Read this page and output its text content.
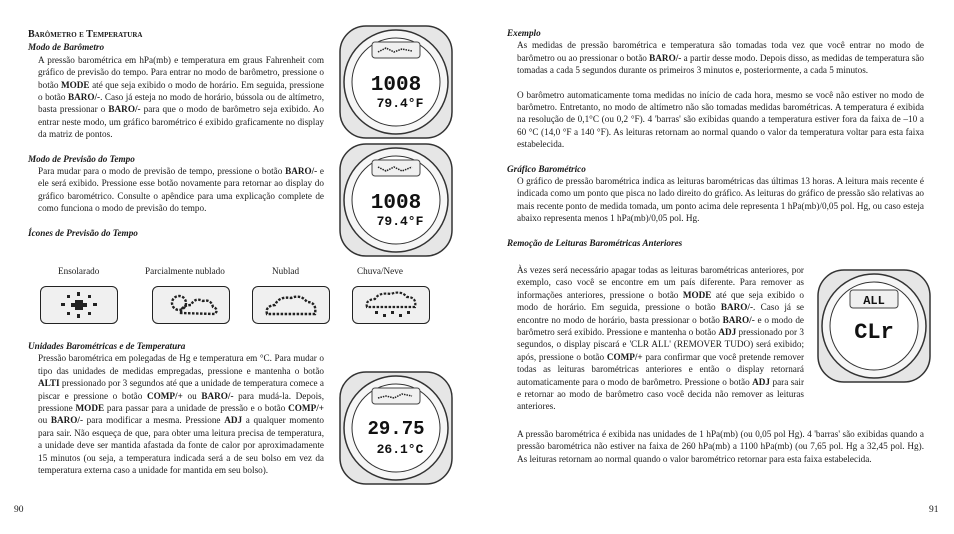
Barômetro e Temperatura

Modo de Barômetro

A pressão barométrica em hPa(mb) e temperatura em graus Fahrenheit com gráfico de previsão do tempo. Para entrar no modo de barômetro, pressione o botão MODE até que seja exibido o modo de horário. Em seguida, pressione o botão BARO/-. Caso já esteja no modo de horário, bússola ou de altímetro, basta pressionar o BARO/- para que o modo de barômetro seja exibido. Ao entrar neste modo, um gráfico barométrico é exibido graficamente no display da matriz de pontos.

Modo de Previsão do Tempo

Para mudar para o modo de previsão de tempo, pressione o botão BARO/- e ele será exibido. Pressione esse botão novamente para retornar ao display do gráfico barométrico. Consulte o apêndice para uma explicação complete de como funciona o modo de previsão do tempo.

Ícones de Previsão do Tempo

Ensolarado	Parcialmente nublado	Nublad	Chuva/Neve

Unidades Barométricas e de Temperatura

Pressão barométrica em polegadas de Hg e temperatura em °C. Para mudar o tipo das unidades de medidas empregadas, pressione e mantenha o botão ALTI pressionado por 3 segundos até que a unidade de temperatura comece a piscar e pressione o botão COMP/+ ou BARO/- para mudá-la. Depois, pressione MODE para passar para a unidade de pressão e o botão COMP/+ ou BARO/- para modificar a mesma. Pressione ADJ a qualquer momento para sair. Não esqueça de que, para obter uma leitura precisa de temperatura, a unidade deve ser mantida afastada da fonte de calor por aproximadamente 15 minutos (ou seja, a temperatura indicada será a de seu bolso em vez da temperatura externa caso a unidade for mantida em seu bolso).

90
1008
79.4°F
1008
79.4°F
29.75
26.1°C

Exemplo

As medidas de pressão barométrica e temperatura são tomadas toda vez que você entrar no modo de barômetro ou ao pressionar o botão BARO/- a partir desse modo. Depois disso, as medidas de temperatura são tomadas a cada 5 segundos durante os primeiros 3 minutos e, posteriormente, a cada 5 minutos.

O barômetro automaticamente toma medidas no início de cada hora, mesmo se você não estiver no modo de barômetro. Entretanto, no modo de altímetro não são tomadas medidas barométricas. A temperatura é exibida na resolução de 0,1°C (ou 0,2 °F). 4 'barras' são exibidas quando a temperatura estiver fora da faixa de –10 a 60 °C (14,0 °F a 140 °F). As leituras retornam ao normal quando o valor da temperatura voltar para esta faixa estabelecida.

Gráfico Barométrico

O gráfico de pressão barométrica indica as leituras barométricas das últimas 13 horas. A leitura mais recente é indicada como um ponto que pisca no lado direito do gráfico. As leituras do gráfico de pressão são relativas ao mais recente ponto de medida tomada, um ponto acima dele representa 1 hPa(mb)/0,05 pol. Hg, ou caso esteja abaixo representa menos 1 hPa(mb)/0,05 pol. Hg.

Remoção de Leituras Barométricas Anteriores

Às vezes será necessário apagar todas as leituras barométricas anteriores, por exemplo, caso você se encontre em um país diferente. Para remover as informações anteriores, pressione o botão MODE até que seja exibido o modo de horário. Em seguida, pressione o botão BARO/-. Caso já se encontre no modo de horário, basta pressionar o botão BARO/- e o modo de barômetro será exibido. Pressione e mantenha o botão ADJ pressionado por 3 segundos, o display piscará e 'CLR ALL' (REMOVER TUDO) será exibido; após, pressione o botão COMP/+ para confirmar que você pretende remover todas as leituras barométricas anteriores e então o display retornará automaticamente para o modo de barômetro. Pressione o botão ADJ para sair e retornar ao modo de barômetro caso você decida não remover as leituras anteriores.

A pressão barométrica é exibida nas unidades de 1 hPa(mb) (ou 0,05 pol Hg). 4 'barras' são exibidas quando a pressão barométrica não estiver na faixa de 260 hPa(mb) a 1100 hPa(mb) (ou 7,65 pol. Hg a 32,45 pol. Hg). As leituras retornam ao normal quando o valor barométrico retornar para esta faixa estabelecida.

91
ALL
CLr
